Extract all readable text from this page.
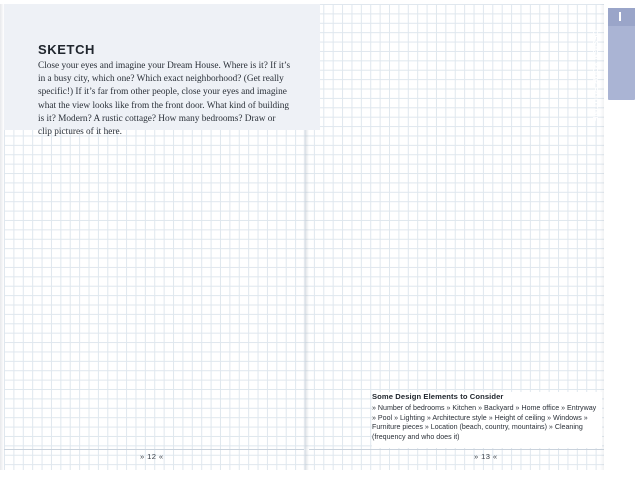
SKETCH
Close your eyes and imagine your Dream House. Where is it? If it’s in a busy city, which one? Which exact neighborhood? (Get really specific!) If it’s far from other people, close your eyes and imagine what the view looks like from the front door. What kind of building is it? Modern? A rustic cottage? How many bedrooms? Draw or clip pictures of it here.
DESIGN YOUR ROUTINE
Some Design Elements to Consider
» Number of bedrooms » Kitchen » Backyard » Home office » Entryway » Pool » Lighting » Architecture style » Height of ceiling » Windows » Furniture pieces » Location (beach, country, mountains) » Cleaning (frequency and who does it)
» 12 «	» 13 «
